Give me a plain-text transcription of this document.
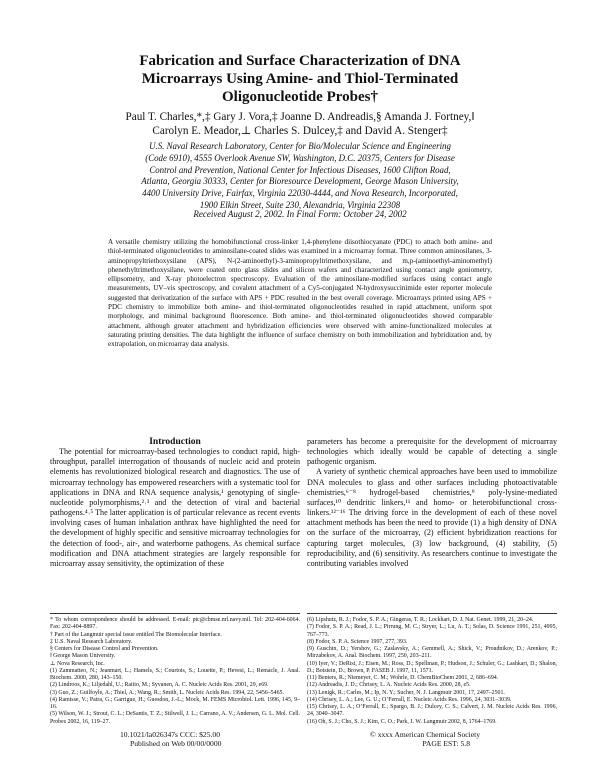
Fabrication and Surface Characterization of DNA
Microarrays Using Amine- and Thiol-Terminated
Oligonucleotide Probes†
Paul T. Charles,*,‡ Gary J. Vora,‡ Joanne D. Andreadis,§ Amanda J. Fortney,‖
Carolyn E. Meador,⊥ Charles S. Dulcey,‡ and David A. Stenger‡
U.S. Naval Research Laboratory, Center for Bio/Molecular Science and Engineering
(Code 6910), 4555 Overlook Avenue SW, Washington, D.C. 20375, Centers for Disease
Control and Prevention, National Center for Infectious Diseases, 1600 Clifton Road,
Atlanta, Georgia 30333, Center for Bioresource Development, George Mason University,
4400 University Drive, Fairfax, Virginia 22030-4444, and Nova Research, Incorporated,
1900 Elkin Street, Suite 230, Alexandria, Virginia 22308
Received August 2, 2002. In Final Form: October 24, 2002
A versatile chemistry utilizing the homobifunctional cross-linker 1,4-phenylene diisothiocyanate (PDC) to attach both amine- and thiol-terminated oligonucleotides to aminosilane-coated slides was examined in a microarray format. Three common aminosilanes, 3-aminopropyltriethoxysilane (APS), N-(2-aminoethyl)-3-aminopropyltrimethoxysilane, and m,p-(aminoethyl-aminomethyl) phenethyltrimethoxysilane, were coated onto glass slides and silicon wafers and characterized using contact angle goniometry, ellipsometry, and X-ray photoelectron spectroscopy. Evaluation of the aminosilane-modified surfaces using contact angle measurements, UV–vis spectroscopy, and covalent attachment of a Cy5-conjugated N-hydroxysuccinimide ester reporter molecule suggested that derivatization of the surface with APS + PDC resulted in the best overall coverage. Microarrays printed using APS + PDC chemistry to immobilize both amine- and thiol-terminated oligonucleotides resulted in rapid attachment, uniform spot morphology, and minimal background fluorescence. Both amine- and thiol-terminated oligonucleotides showed comparable attachment, although greater attachment and hybridization efficiencies were observed with amine-functionalized molecules at saturating printing densities. The data highlight the influence of surface chemistry on both immobilization and hybridization and, by extrapolation, on microarray data analysis.

Introduction

The potential for microarray-based technologies to conduct rapid, high-throughput, parallel interrogation of thousands of nucleic acid and protein elements has revolutionized biological research and diagnostics. The use of microarray technology has empowered researchers with a systematic tool for applications in DNA and RNA sequence analysis,¹ genotyping of single-nucleotide polymorphisms,²˒³ and the detection of viral and bacterial pathogens.⁴˒⁵ The latter application is of particular relevance as recent events involving cases of human inhalation anthrax have highlighted the need for the development of highly specific and sensitive microarray technologies for the detection of food-, air-, and waterborne pathogens. As chemical surface modification and DNA attachment strategies are largely responsible for microarray assay sensitivity, the optimization of these

parameters has become a prerequisite for the development of microarray technologies which ideally would be capable of detecting a single pathogenic organism.

A variety of synthetic chemical approaches have been used to immobilize DNA molecules to glass and other surfaces including photoactivatable chemistries,⁶⁻⁸ hydrogel-based chemistries,⁹ poly-lysine-mediated surfaces,¹⁰ dendritic linkers,¹¹ and homo- or heterobifunctional cross-linkers.¹²⁻¹⁶ The driving force in the development of each of these novel attachment methods has been the need to provide (1) a high density of DNA on the surface of the microarray, (2) efficient hybridization reactions for capturing target molecules, (3) low background, (4) stability, (5) reproducibility, and (6) sensitivity. As researchers continue to investigate the contributing variables involved

* To whom correspondence should be addressed. E-mail: ptc@cbmse.nrl.navy.mil. Tel: 202-404-6064. Fax: 202-404-8897.
† Part of the Langmuir special issue entitled The Biomolecular Interface.
‡ U.S. Naval Research Laboratory.
§ Centers for Disease Control and Prevention.
‖ George Mason University.
⊥ Nova Research, Inc.
(1) Zammatteo, N.; Jeanmart, L.; Hamels, S.; Courtois, S.; Louette, P.; Hevesi, L.; Remacle, J. Anal. Biochem. 2000, 280, 143–150.
(2) Lindroos, K.; Liljedahl, U.; Raitio, M.; Syvanen, A. C. Nucleic Acids Res. 2001, 29, e69.
(3) Guo, Z.; Guilfoyle, A.; Thiel, A.; Wang, R.; Smith, L. Nucleic Acids Res. 1994, 22, 5456–5465.
(4) Ramisse, V.; Patra, G.; Garrigue, H.; Guesdon, J.-L.; Mock, M. FEMS Microbiol. Lett. 1996, 145, 9–16.
(5) Wilson, W. J.; Strout, C. L.; DeSantis, T. Z.; Stilwell, J. L.; Carrano, A. V.; Andersen, G. L. Mol. Cell. Probes 2002, 16, 119–27.
(6) Lipshutz, R. J.; Fodor, S. P. A.; Gingeras, T. R.; Lockhart, D. J. Nat. Genet. 1999, 21, 20–24.
(7) Fodor, S. P. A.; Read, J. L.; Pirrung, M. C.; Stryer, L.; Lu, A. T.; Solas, D. Science 1991, 251, 4995, 767–773.
(8) Fodor, S. P. A. Science 1997, 277, 393.
(9) Guschin, D.; Yershov, G.; Zaslavsky, A.; Gemmell, A.; Shick, V.; Proudnikov, D.; Arenkov, P.; Mirzabekov, A. Anal. Biochem. 1997, 250, 203–211.
(10) Iyer, V.; DeRisi, J.; Eisen, M.; Ross, D.; Spellman, P.; Hudson, J.; Schuler, G.; Lashkari, D.; Shalon, D.; Botstein, D.; Brown, P. FASEB J. 1997, 11, 1571.
(11) Benters, R.; Niemeyer, C. M.; Wohrle, D. ChemBioChem 2001, 2, 686–694.
(12) Andreadis, J. D.; Chrisey, L. A. Nucleic Acids Res. 2000, 28, e5.
(13) Lenigk, R.; Carles, M.; Ip, N. Y.; Sucher, N. J. Langmuir 2001, 17, 2497–2501.
(14) Chrisey, L. A.; Lee, G. U.; O’Ferrall, E. Nucleic Acids Res. 1996, 24, 3031–3039.
(15) Chrisey, L. A.; O’Ferrall, E.; Spargo, B. J.; Dulcey, C. S.; Calvert, J. M. Nucleic Acids Res. 1996, 24, 3040–3047.
(16) Oh, S. J.; Cho, S. J.; Kim, C. O.; Park, J. W. Langmuir 2002, 8, 1764–1769.
10.1021/la026347s CCC: $25.00	© xxxx American Chemical Society
Published on Web 00/00/0000	PAGE EST: 5.8
